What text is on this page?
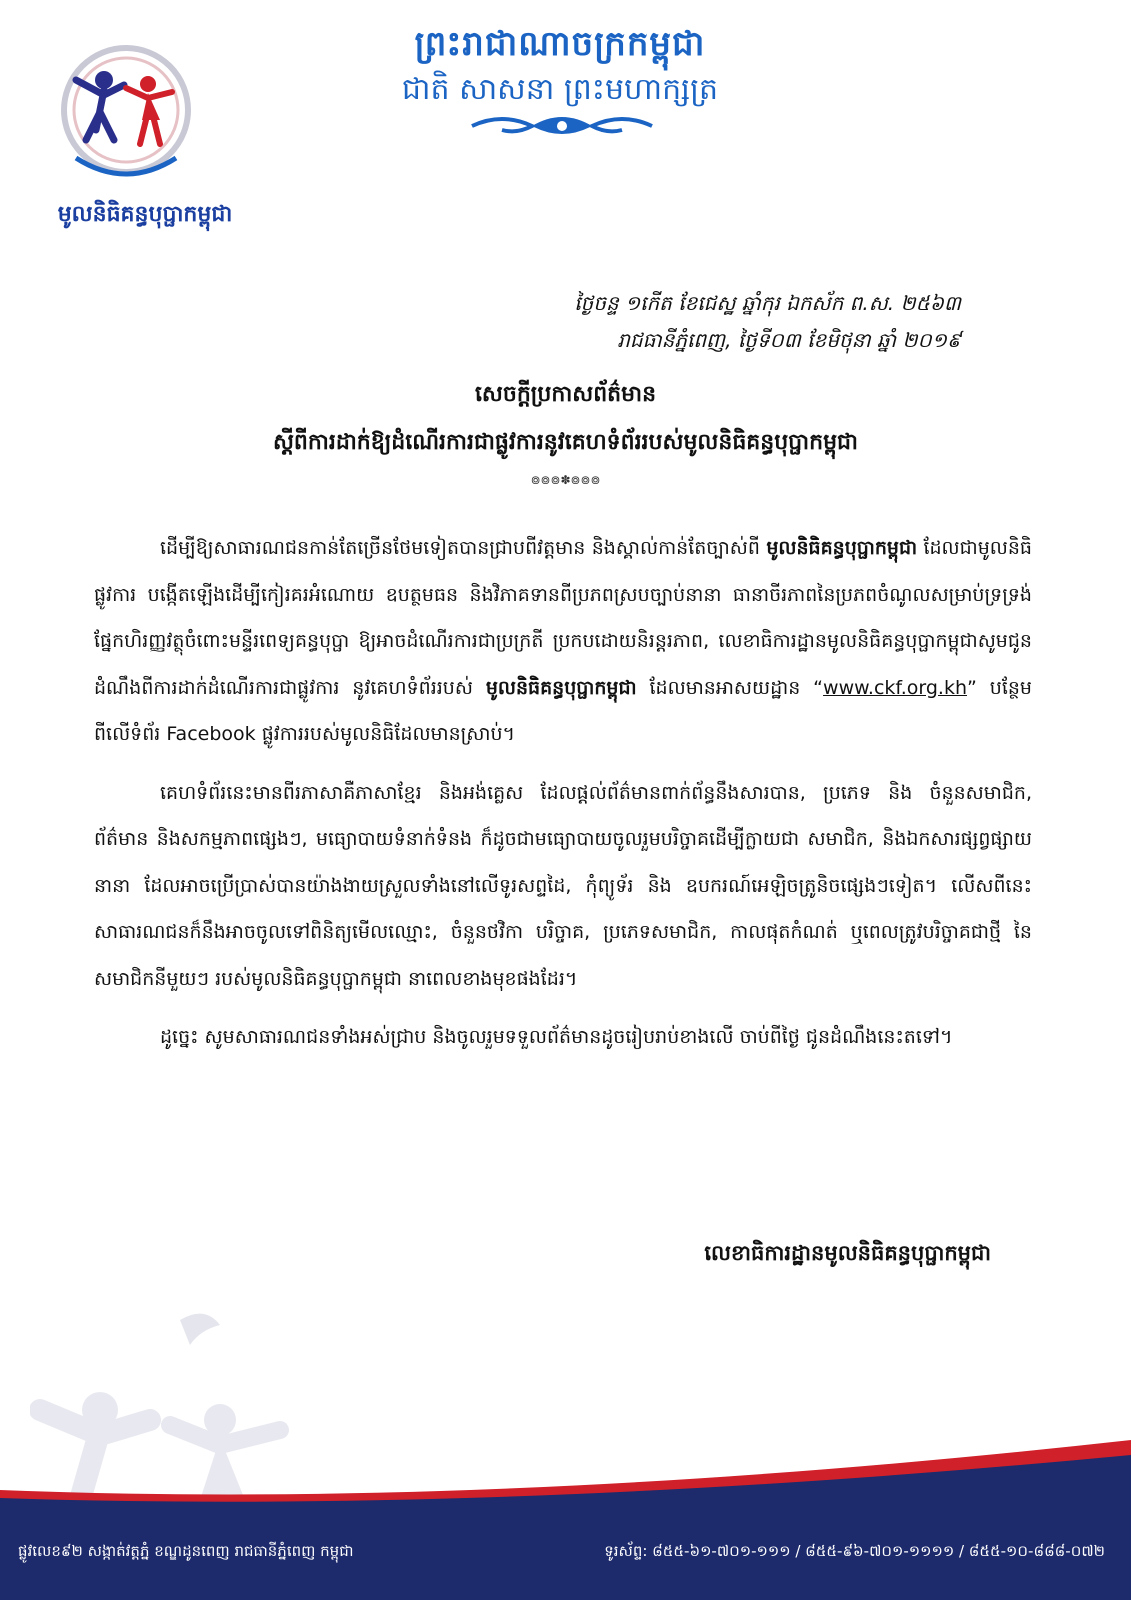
មូលនិធិគន្ធបុប្ផាកម្ពុជា
ព្រះរាជាណាចក្រកម្ពុជា
ជាតិ សាសនា ព្រះមហាក្សត្រ
ថ្ងៃចន្ទ ១កើត ខែជេស្ឋ ឆ្នាំកុរ ឯកស័ក ព.ស. ២៥៦៣
រាជធានីភ្នំពេញ, ថ្ងៃទី០៣ ខែមិថុនា ឆ្នាំ ២០១៩
សេចក្តីប្រកាសព័ត៌មាន
ស្តីពីការដាក់ឱ្យដំណើរការជាផ្លូវការនូវគេហទំព័ររបស់មូលនិធិគន្ធបុប្ផាកម្ពុជា
៙៙៙✽៙៙៙

ដើម្បីឱ្យសាធារណជនកាន់តែច្រើនថែមទៀតបានជ្រាបពីវត្តមាន និងស្គាល់កាន់តែច្បាស់ពី មូលនិធិគន្ធបុប្ផាកម្ពុជា ដែលជាមូលនិធិផ្លូវការ បង្កើតឡើងដើម្បីកៀរគរអំណោយ ឧបត្ថមធន និងវិភាគទានពីប្រភពស្របច្បាប់នានា ធានាចីរភាពនៃប្រភពចំណូលសម្រាប់ទ្រទ្រង់ផ្នែកហិរញ្ញវត្ថុចំពោះមន្ទីរពេទ្យគន្ធបុប្ផា ឱ្យអាចដំណើរការជាប្រក្រតី ប្រកបដោយនិរន្តរភាព, លេខាធិការដ្ឋានមូលនិធិគន្ធបុប្ផាកម្ពុជាសូមជូនដំណឹងពីការដាក់ដំណើរការជាផ្លូវការ នូវគេហទំព័ររបស់ មូលនិធិគន្ធបុប្ផាកម្ពុជា ដែលមានអាសយដ្ឋាន “www.ckf.org.kh” បន្ថែមពីលើទំព័រ Facebook ផ្លូវការរបស់មូលនិធិដែលមានស្រាប់។

គេហទំព័រនេះមានពីរភាសាគឺភាសាខ្មែរ និងអង់គ្លេស ដែលផ្តល់ព័ត៌មានពាក់ព័ន្ធនឹងសារបាន, ប្រភេទ និង ចំនួនសមាជិក, ព័ត៌មាន និងសកម្មភាពផ្សេងៗ, មធ្យោបាយទំនាក់ទំនង ក៏ដូចជាមធ្យោបាយចូលរួមបរិច្ចាគដើម្បីក្លាយជា សមាជិក, និងឯកសារផ្សព្វផ្សាយនានា ដែលអាចប្រើប្រាស់បានយ៉ាងងាយស្រួលទាំងនៅលើទូរសព្ទដៃ, កុំព្យូទ័រ និង ឧបករណ៍អេឡិចត្រូនិចផ្សេងៗទៀត។ លើសពីនេះ សាធារណជនក៏នឹងអាចចូលទៅពិនិត្យមើលឈ្មោះ, ចំនួនថវិកា បរិច្ចាគ, ប្រភេទសមាជិក, កាលផុតកំណត់ ឬពេលត្រូវបរិច្ចាគជាថ្មី នៃសមាជិកនីមួយៗ របស់មូលនិធិគន្ធបុប្ផាកម្ពុជា នាពេលខាងមុខផងដែរ។

ដូច្នេះ សូមសាធារណជនទាំងអស់ជ្រាប និងចូលរួមទទួលព័ត៌មានដូចរៀបរាប់ខាងលើ ចាប់ពីថ្ងៃ ជូនដំណឹងនេះតទៅ។

លេខាធិការដ្ឋានមូលនិធិគន្ធបុប្ផាកម្ពុជា
ផ្លូវលេខ៩២ សង្កាត់វត្តភ្នំ ខណ្ឌដូនពេញ រាជធានីភ្នំពេញ កម្ពុជា	ទូរស័ព្ទ: ៨៥៥-៦១-៧០១-១១១ / ៨៥៥-៩៦-៧០១-១១១១ / ៨៥៥-១០-៨៨៨-០៧២
